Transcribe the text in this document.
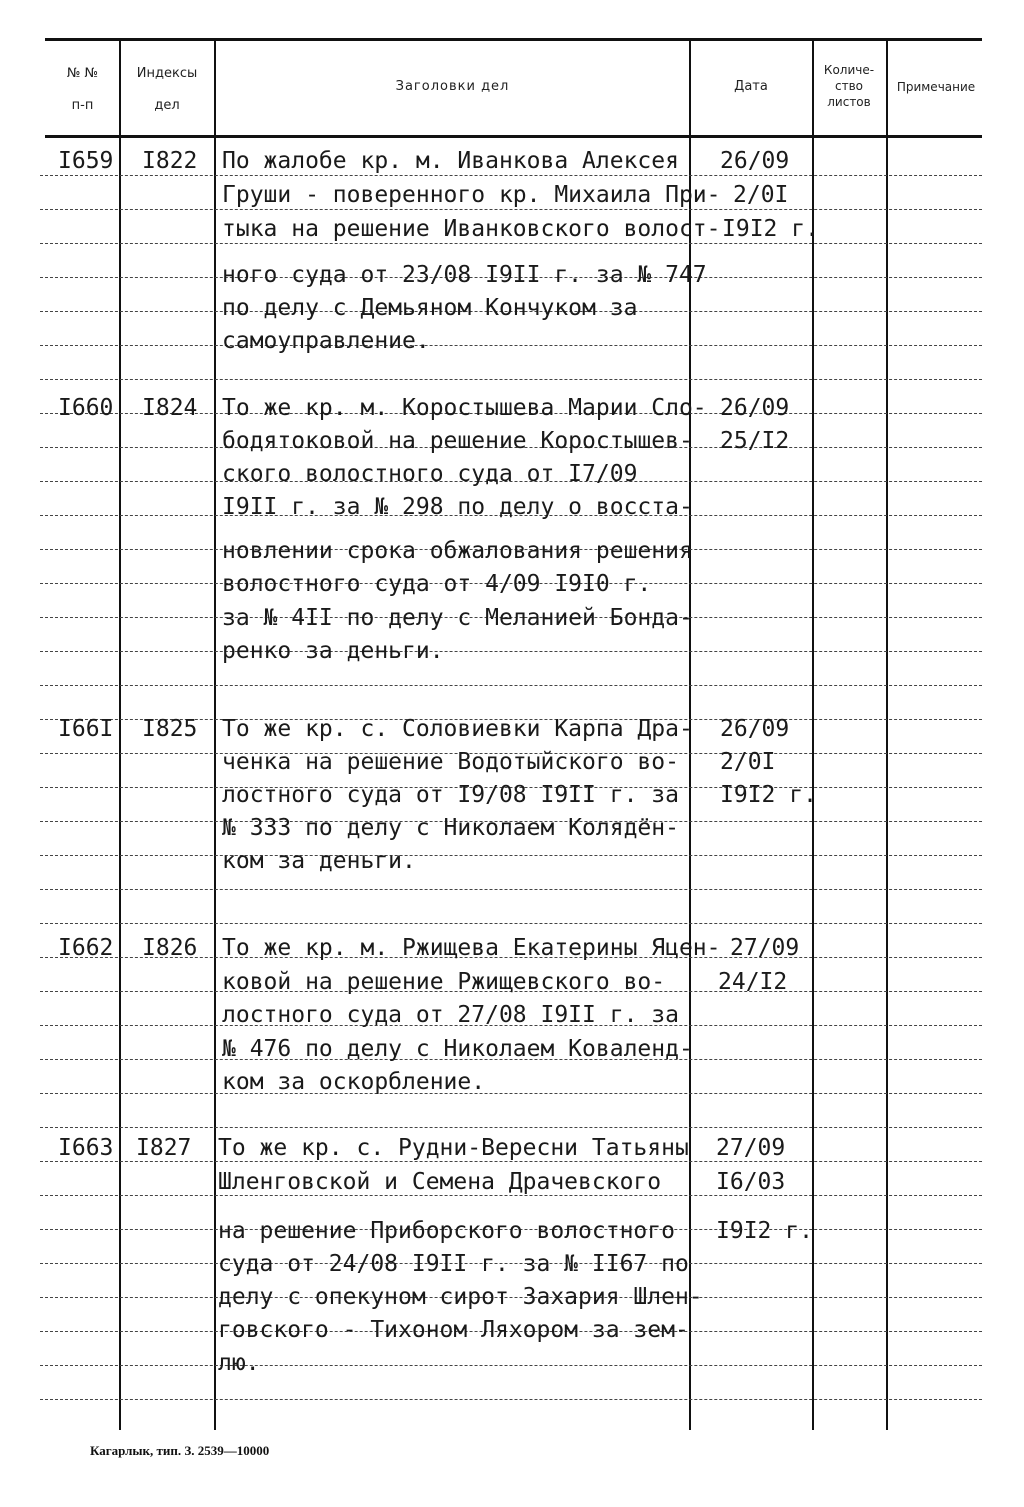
№ №
п-п
Индексы
дел
Заголовки дел	Дата
Количе-
ство
листов
Примечание
I659 I822 По жалобе кр. м. Иванкова Алексея
Груши - поверенного кр. Михаила При-
тыка на решение Иванковского волост-
ного суда от 23/08 I9II г. за № 747
по делу с Демьяном Кончуком за
самоуправление.
26/09
2/0I
I9I2 г.
I660 I824 То же кр. м. Коростышева Марии Сло-
бодятоковой на решение Коростышев-
ского волостного суда от I7/09
I9II г. за № 298 по делу о восста-
новлении срока обжалования решения
волостного суда от 4/09 I9I0 г.
за № 4II по делу с Меланией Бонда-
ренко за деньги.
26/09
25/I2
I66I I825 То же кр. с. Соловиевки Карпа Дра-
ченка на решение Водотыйского во-
лостного суда от I9/08 I9II г. за
№ 333 по делу с Николаем Колядён-
ком за деньги.
26/09
2/0I
I9I2 г.
I662 I826 То же кр. м. Ржищева Екатерины Яцен-
ковой на решение Ржищевского во-
лостного суда от 27/08 I9II г. за
№ 476 по делу с Николаем Коваленд-
ком за оскорбление.
27/09
24/I2
I663 I827 То же кр. с. Рудни-Вересни Татьяны
Шленговской и Семена Драчевского
на решение Приборского волостного
суда от 24/08 I9II г. за № II67 по
делу с опекуном сирот Захария Шлен-
говского - Тихоном Ляхором за зем-
лю.
27/09
I6/03
I9I2 г.
Кагарлык, тип. З. 2539—10000
